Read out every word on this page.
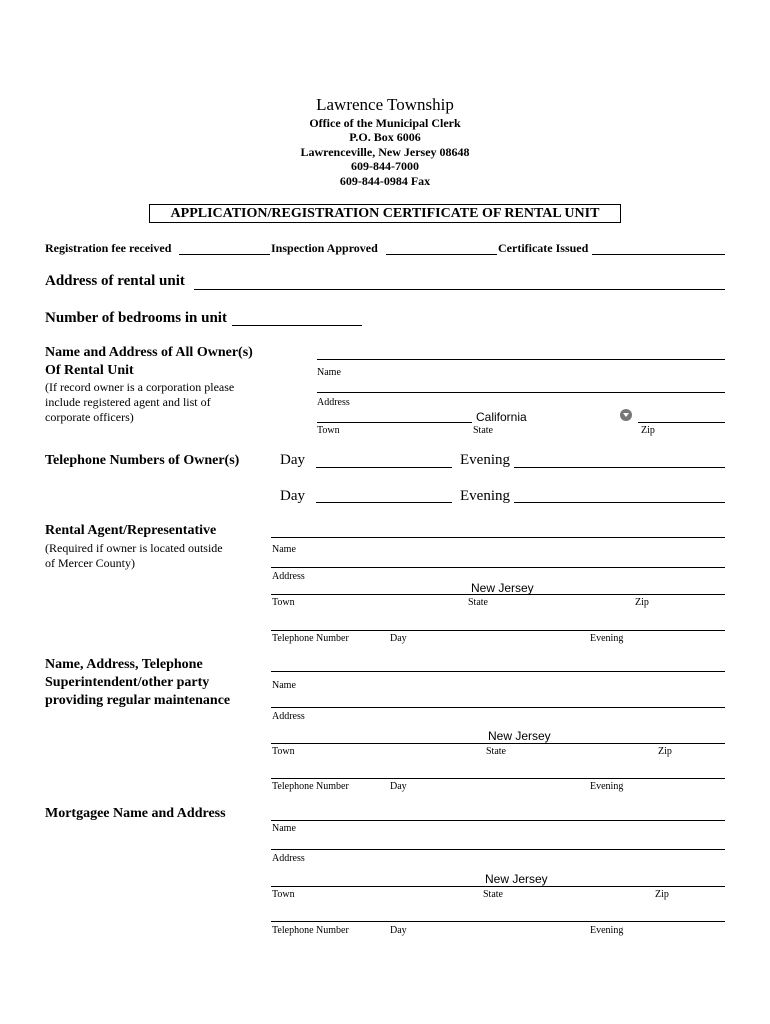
Lawrence Township
Office of the Municipal Clerk
P.O. Box 6006
Lawrenceville, New Jersey 08648
609-844-7000
609-844-0984 Fax
APPLICATION/REGISTRATION CERTIFICATE OF RENTAL UNIT
Registration fee received	Inspection Approved	Certificate Issued
Address of rental unit
Number of bedrooms in unit
Name and Address of All Owner(s)
Of Rental Unit
(If record owner is a corporation please
include registered agent and list of
corporate officers)
Name
Address
California
Town	State	Zip
Telephone Numbers of Owner(s)	Day	Evening
Day	Evening
Rental Agent/Representative
(Required if owner is located outside
of Mercer County)
Name
Address
New Jersey
Town	State	Zip
Telephone Number	Day	Evening
Name, Address, Telephone
Superintendent/other party
providing regular maintenance
Name
Address
New Jersey
Town	State	Zip
Telephone Number	Day	Evening
Mortgagee Name and Address
Name
Address
New Jersey
Town	State	Zip
Telephone Number	Day	Evening
